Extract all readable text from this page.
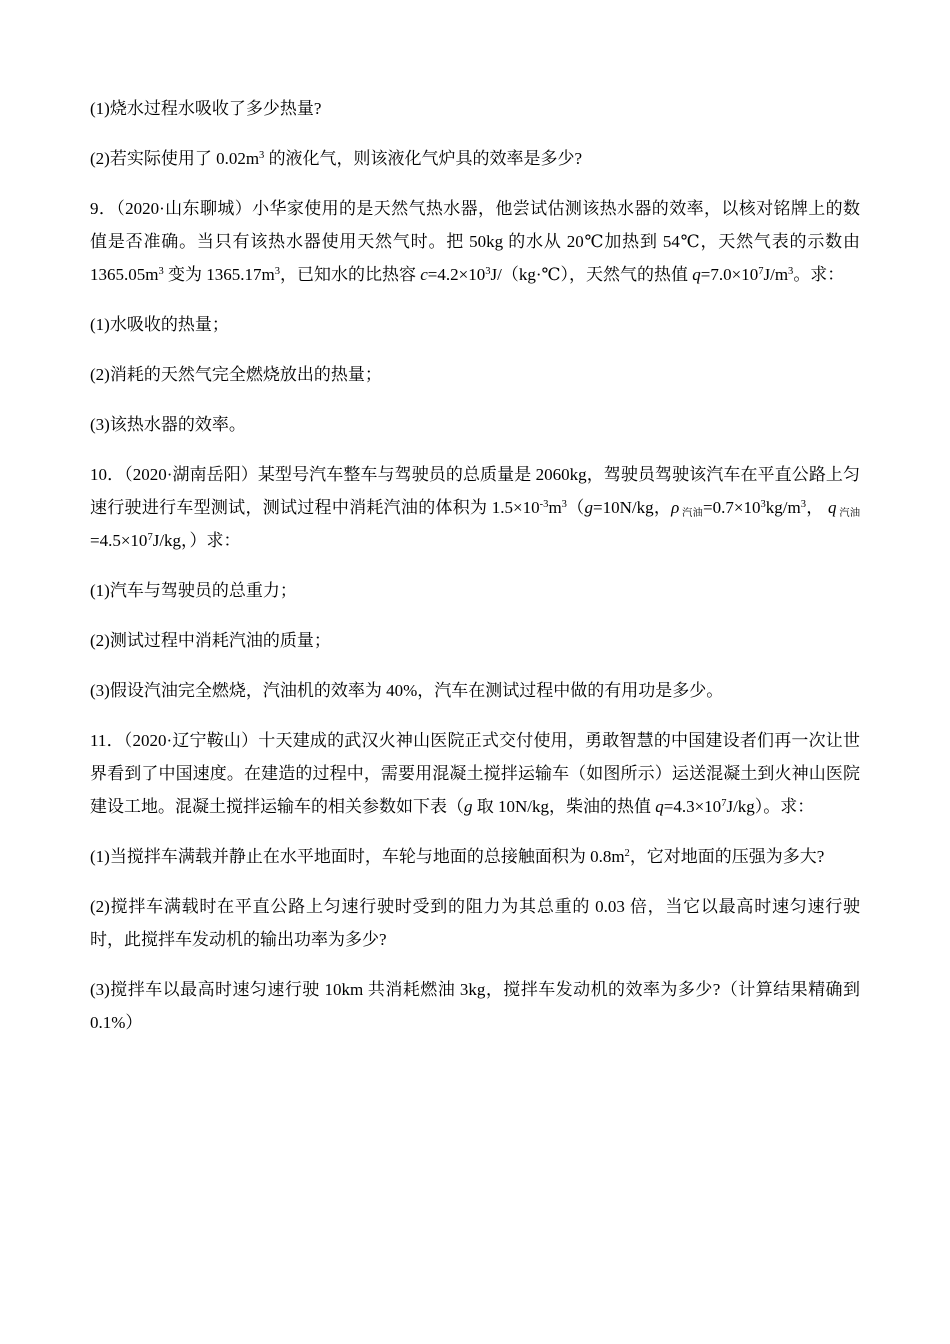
(1)烧水过程水吸收了多少热量?

(2)若实际使用了 $0.02m^3$ 的液化气，则该液化气炉具的效率是多少?

9．（2020·山东聊城）小华家使用的是天然气热水器，他尝试估测该热水器的效率，以核对铭牌上的数值是否准确。当只有该热水器使用天然气时。把 50kg 的水从 20℃加热到 54℃，天然气表的示数由 $1365.05m^3$ 变为 $1365.17m^3$，已知水的比热容 $c=4.2\times 10^3J/(kg\cdot℃)$，天然气的热值 $q=7.0\times 10^7J/m^3$。求：

(1)水吸收的热量；

(2)消耗的天然气完全燃烧放出的热量；

(3)该热水器的效率。

10．（2020·湖南岳阳）某型号汽车整车与驾驶员的总质量是 2060kg，驾驶员驾驶该汽车在平直公路上匀速行驶进行车型测试，测试过程中消耗汽油的体积为 $1.5\times 10^{-3}m^3(g=10N/kg$，ρ $_{汽油}=0.7\times 10^3kg/m^3$， q $_{汽油} =4.5\times 10^7J/kg$，）求：

(1)汽车与驾驶员的总重力；

(2)测试过程中消耗汽油的质量；

(3)假设汽油完全燃烧，汽油机的效率为 40%，汽车在测试过程中做的有用功是多少。

11．（2020·辽宁鞍山）十天建成的武汉火神山医院正式交付使用，勇敢智慧的中国建设者们再一次让世界看到了中国速度。在建造的过程中，需要用混凝土搅拌运输车（如图所示）运送混凝土到火神山医院建设工地。混凝土搅拌运输车的相关参数如下表（g 取 10N/kg，柴油的热值 $q=4.3\times 10^7J/kg$）。求：

(1)当搅拌车满载并静止在水平地面时，车轮与地面的总接触面积为 $0.8m^2$，它对地面的压强为多大?

(2)搅拌车满载时在平直公路上匀速行驶时受到的阻力为其总重的 0.03 倍，当它以最高时速匀速行驶时，此搅拌车发动机的输出功率为多少?

(3)搅拌车以最高时速匀速行驶 10km 共消耗燃油 3kg，搅拌车发动机的效率为多少?（计算结果精确到 0.1%）
